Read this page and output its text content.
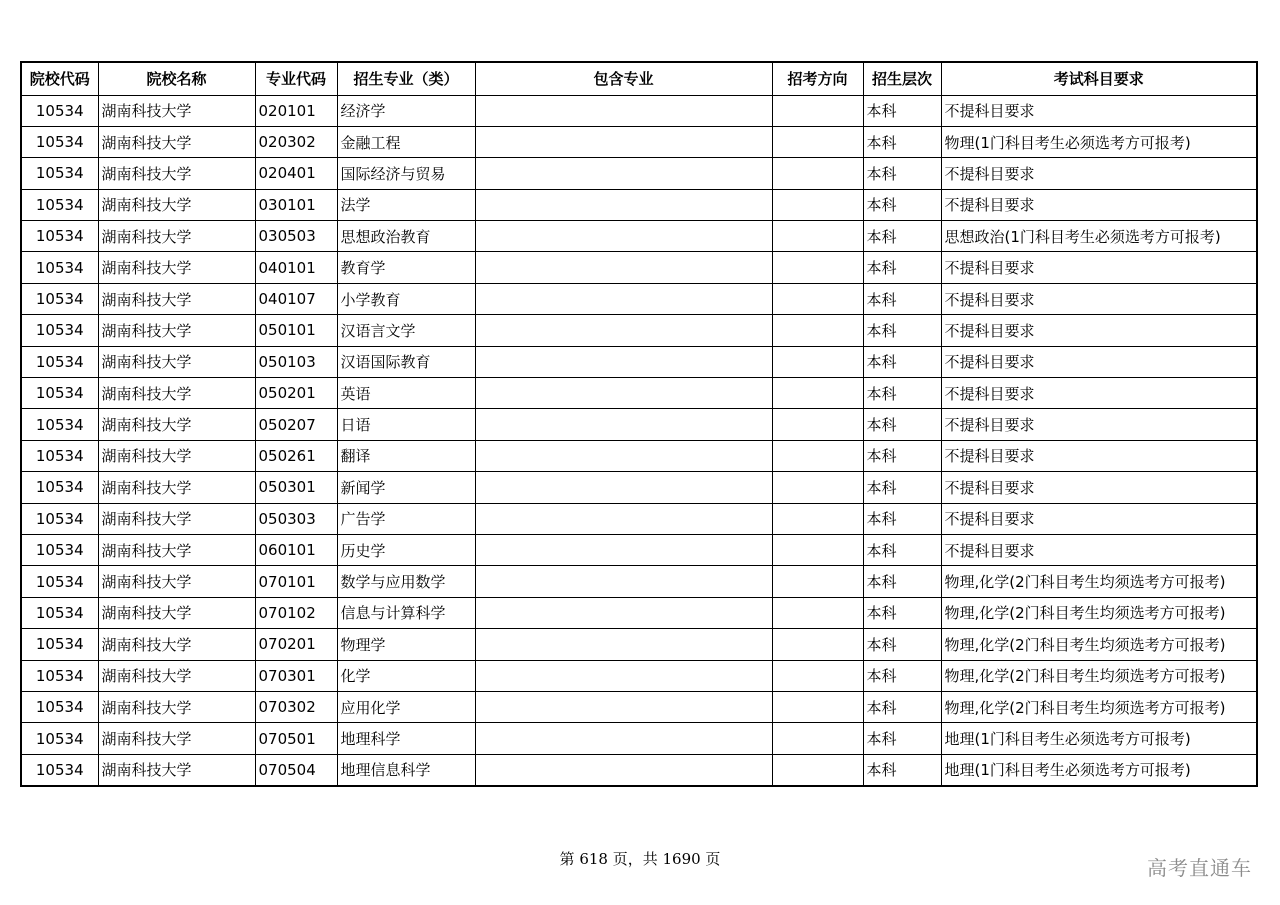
院校代码	院校名称	专业代码	招生专业（类）	包含专业	招考方向	招生层次	考试科目要求
10534	湖南科技大学	020101	经济学			本科	不提科目要求
10534	湖南科技大学	020302	金融工程			本科	物理(1门科目考生必须选考方可报考)
10534	湖南科技大学	020401	国际经济与贸易			本科	不提科目要求
10534	湖南科技大学	030101	法学			本科	不提科目要求
10534	湖南科技大学	030503	思想政治教育			本科	思想政治(1门科目考生必须选考方可报考)
10534	湖南科技大学	040101	教育学			本科	不提科目要求
10534	湖南科技大学	040107	小学教育			本科	不提科目要求
10534	湖南科技大学	050101	汉语言文学			本科	不提科目要求
10534	湖南科技大学	050103	汉语国际教育			本科	不提科目要求
10534	湖南科技大学	050201	英语			本科	不提科目要求
10534	湖南科技大学	050207	日语			本科	不提科目要求
10534	湖南科技大学	050261	翻译			本科	不提科目要求
10534	湖南科技大学	050301	新闻学			本科	不提科目要求
10534	湖南科技大学	050303	广告学			本科	不提科目要求
10534	湖南科技大学	060101	历史学			本科	不提科目要求
10534	湖南科技大学	070101	数学与应用数学			本科	物理,化学(2门科目考生均须选考方可报考)
10534	湖南科技大学	070102	信息与计算科学			本科	物理,化学(2门科目考生均须选考方可报考)
10534	湖南科技大学	070201	物理学			本科	物理,化学(2门科目考生均须选考方可报考)
10534	湖南科技大学	070301	化学			本科	物理,化学(2门科目考生均须选考方可报考)
10534	湖南科技大学	070302	应用化学			本科	物理,化学(2门科目考生均须选考方可报考)
10534	湖南科技大学	070501	地理科学			本科	地理(1门科目考生必须选考方可报考)
10534	湖南科技大学	070504	地理信息科学			本科	地理(1门科目考生必须选考方可报考)
第 618 页，共 1690 页	高考直通车
